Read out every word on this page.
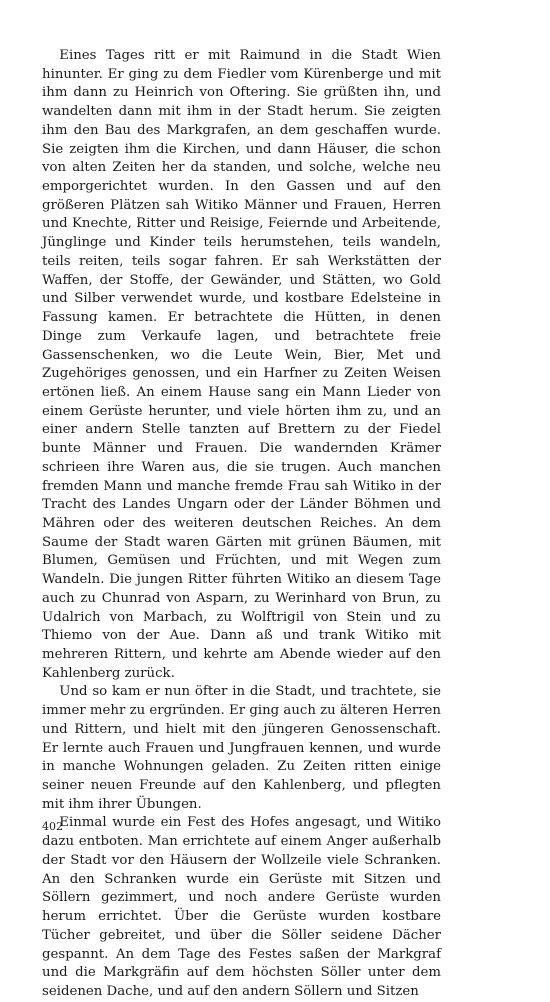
Eines Tages ritt er mit Raimund in die Stadt Wien hinunter. Er ging zu dem Fiedler vom Kürenberge und mit ihm dann zu Heinrich von Oftering. Sie grüßten ihn, und wandelten dann mit ihm in der Stadt herum. Sie zeigten ihm den Bau des Markgrafen, an dem geschaffen wurde. Sie zeigten ihm die Kirchen, und dann Häuser, die schon von alten Zeiten her da standen, und solche, welche neu emporgerichtet wurden. In den Gassen und auf den größeren Plätzen sah Witiko Männer und Frauen, Herren und Knechte, Ritter und Reisige, Feiernde und Arbeitende, Jünglinge und Kinder teils herumstehen, teils wandeln, teils reiten, teils sogar fahren. Er sah Werkstätten der Waffen, der Stoffe, der Gewänder, und Stätten, wo Gold und Silber verwendet wurde, und kostbare Edelsteine in Fassung kamen. Er betrachtete die Hütten, in denen Dinge zum Verkaufe lagen, und betrachtete freie Gassenschenken, wo die Leute Wein, Bier, Met und Zugehöriges genossen, und ein Harfner zu Zeiten Weisen ertönen ließ. An einem Hause sang ein Mann Lieder von einem Gerüste herunter, und viele hörten ihm zu, und an einer andern Stelle tanzten auf Brettern zu der Fiedel bunte Männer und Frauen. Die wandernden Krämer schrieen ihre Waren aus, die sie trugen. Auch manchen fremden Mann und manche fremde Frau sah Witiko in der Tracht des Landes Ungarn oder der Länder Böhmen und Mähren oder des weiteren deutschen Reiches. An dem Saume der Stadt waren Gärten mit grünen Bäumen, mit Blumen, Gemüsen und Früchten, und mit Wegen zum Wandeln. Die jungen Ritter führten Witiko an diesem Tage auch zu Chunrad von Asparn, zu Werinhard von Brun, zu Udalrich von Marbach, zu Wolftrigil von Stein und zu Thiemo von der Aue. Dann aß und trank Witiko mit mehreren Rittern, und kehrte am Abende wieder auf den Kahlenberg zurück.

Und so kam er nun öfter in die Stadt, und trachtete, sie immer mehr zu ergründen. Er ging auch zu älteren Herren und Rittern, und hielt mit den jüngeren Genossenschaft. Er lernte auch Frauen und Jungfrauen kennen, und wurde in manche Wohnungen geladen. Zu Zeiten ritten einige seiner neuen Freunde auf den Kahlenberg, und pflegten mit ihm ihrer Übungen.

Einmal wurde ein Fest des Hofes angesagt, und Witiko dazu entboten. Man errichtete auf einem Anger außerhalb der Stadt vor den Häusern der Wollzeile viele Schranken. An den Schranken wurde ein Gerüste mit Sitzen und Söllern gezimmert, und noch andere Gerüste wurden herum errichtet. Über die Gerüste wurden kostbare Tücher gebreitet, und über die Söller seidene Dächer gespannt. An dem Tage des Festes saßen der Markgraf und die Markgräfin auf dem höchsten Söller unter dem seidenen Dache, und auf den andern Söllern und Sitzen

402
